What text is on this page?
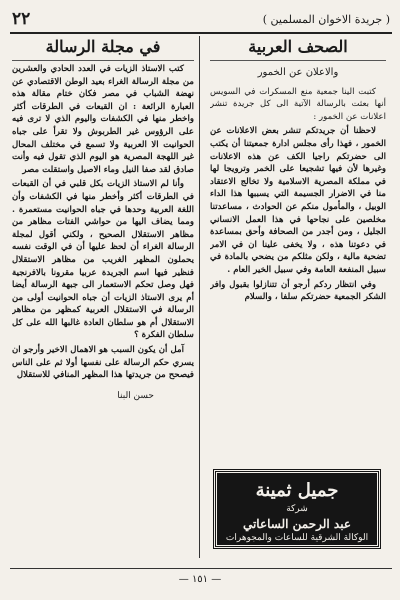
٢٢	( جريدة الاخوان المسلمين )
الصحف العربية
والاعلان عن الخمور

كتبت الينا جمعية منع المسكرات في السويس أنها بعثت بالرسالة الآتية الى كل جريدة تنشر اعلانات عن الخمور :

لاحظنا أن جريدتكم تنشر بعض الاعلانات عن الخمور ، فهذا رأى مجلس ادارة جمعيتنا أن يكتب الى حضرتكم راجيا الكف عن هذه الاعلانات وغيرها لأن فيها تشجيعا على الخمر وترويجا لها في مملكة المصرية الاسلامية ولا تخالج الاعتقاد منا في الاضرار الجسيمة التي يسببها هذا الداء الوبيل ، والمأمول منكم عن الحوادث ، مساعدتنا مخلصين على نجاحها في هذا العمل الانساني الجليل ، ومن أجدر من الصحافة وأحق بمساعدة في دعوتنا هذه ، ولا يخفى علينا ان في الامر تضحية مالية ، ولكن مثلكم من يضحي بالمادة في سبيل المنفعة العامة وفي سبيل الخير العام .

وفي انتظار ردكم أرجو أن تتنازلوا بقبول وافر الشكر الجمعية حضرتكم سلفا ، والسلام

في مجلة الرسالة

كتب الاستاذ الزيات في العدد الحادي والعشرين من مجلة الرسالة الغراء بعيد الوطن الاقتصادي عن نهضة الشباب في مصر فكان ختام مقالة هذه العبارة الرائعة : ان القبعات في الطرقات أكثر واخطر منها في الكشفات واليوم الذي لا ترى فيه على الرؤوس غير الطربوش ولا تقرأ على جباه الحوانيت الا العربية ولا تسمع في مختلف المحال غير اللهجة المصرية هو اليوم الذي تقول فيه وأنت صادق لقد صفا النيل وماء الاصيل واستقلت مصر

وأنا لم الاستاذ الزيات بكل قلبي في أن القبعات في الطرقات أكثر وأخطر منها في الكشفات وأن اللغة العربية وحدها في جباه الحوانيت مستعمرة . ومما يضاف اليها من حواشي الفتات مظاهر من مظاهر الاستقلال الصحيح ، ولكني أقول لمجلة الرسالة الغراء أن لحظ عليها أن في الوقت نفسه يحملون المظهر الغريب من مظاهر الاستقلال فنظير فيها اسم الجريدة عربيا مقرونا بالافرنجية فهل وصل تحكم الاستعمار الى جبهة الرسالة أيضا أم يرى الاستاذ الزيات أن جباه الحوانيت أولى من الرسالة في الاستقلال العربية كمظهر من مظاهر الاستقلال أم هو سلطان العادة غالبها الله على كل سلطان الفكرة ؟

آمل أن يكون السبب هو الاهمال الاخير وأرجو ان يسري حكم الرسالة على نفسها أولا ثم على الناس فيصحح من جريدتها هذا المظهر المنافي للاستقلال

حسن البنا
جميل ثمينة
شركة
عبد الرحمن الساعاتي
الوكالة الشرقية للساعات والمجوهرات
— ١٥١ —
